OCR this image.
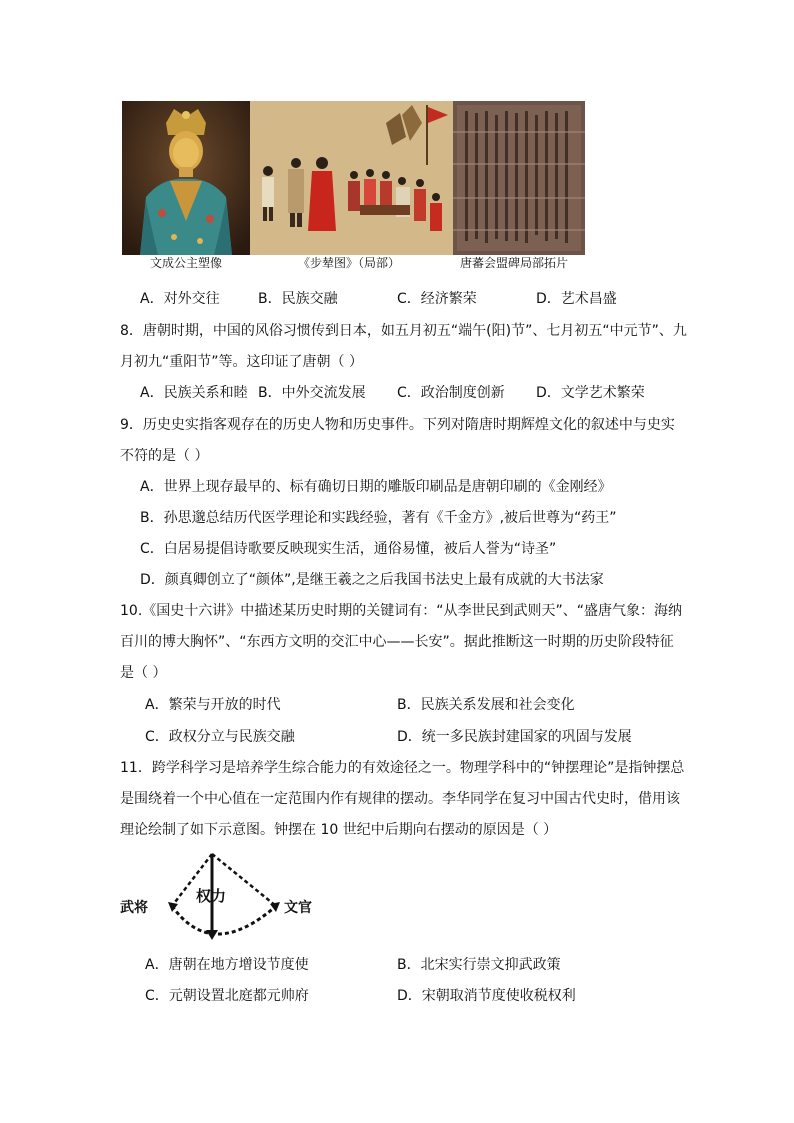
文成公主塑像	《步辇图》（局部）	唐蕃会盟碑局部拓片
A．对外交往	B．民族交融	C．经济繁荣	D．艺术昌盛
8．唐朝时期，中国的风俗习惯传到日本，如五月初五“端午(阳)节”、七月初五“中元节”、九
月初九“重阳节”等。这印证了唐朝（ ）
A．民族关系和睦 B．中外交流发展 C．政治制度创新 D．文学艺术繁荣
9．历史史实指客观存在的历史人物和历史事件。下列对隋唐时期辉煌文化的叙述中与史实
不符的是（ ）
A．世界上现存最早的、标有确切日期的雕版印刷品是唐朝印刷的《金刚经》
B．孙思邈总结历代医学理论和实践经验，著有《千金方》,被后世尊为“药王”
C．白居易提倡诗歌要反映现实生活，通俗易懂，被后人誉为“诗圣”
D．颜真卿创立了“颜体”,是继王羲之之后我国书法史上最有成就的大书法家
10.《国史十六讲》中描述某历史时期的关键词有：“从李世民到武则天”、“盛唐气象：海纳
百川的博大胸怀”、“东西方文明的交汇中心——长安”。据此推断这一时期的历史阶段特征
是（ ）
A．繁荣与开放的时代	B．民族关系发展和社会变化
C．政权分立与民族交融	D．统一多民族封建国家的巩固与发展
11．跨学科学习是培养学生综合能力的有效途径之一。物理学科中的“钟摆理论”是指钟摆总
是围绕着一个中心值在一定范围内作有规律的摆动。李华同学在复习中国古代史时，借用该
理论绘制了如下示意图。钟摆在 10 世纪中后期向右摆动的原因是（ ）
武将
权力
文官
A．唐朝在地方增设节度使	B．北宋实行崇文抑武政策
C．元朝设置北庭都元帅府	D．宋朝取消节度使收税权利
